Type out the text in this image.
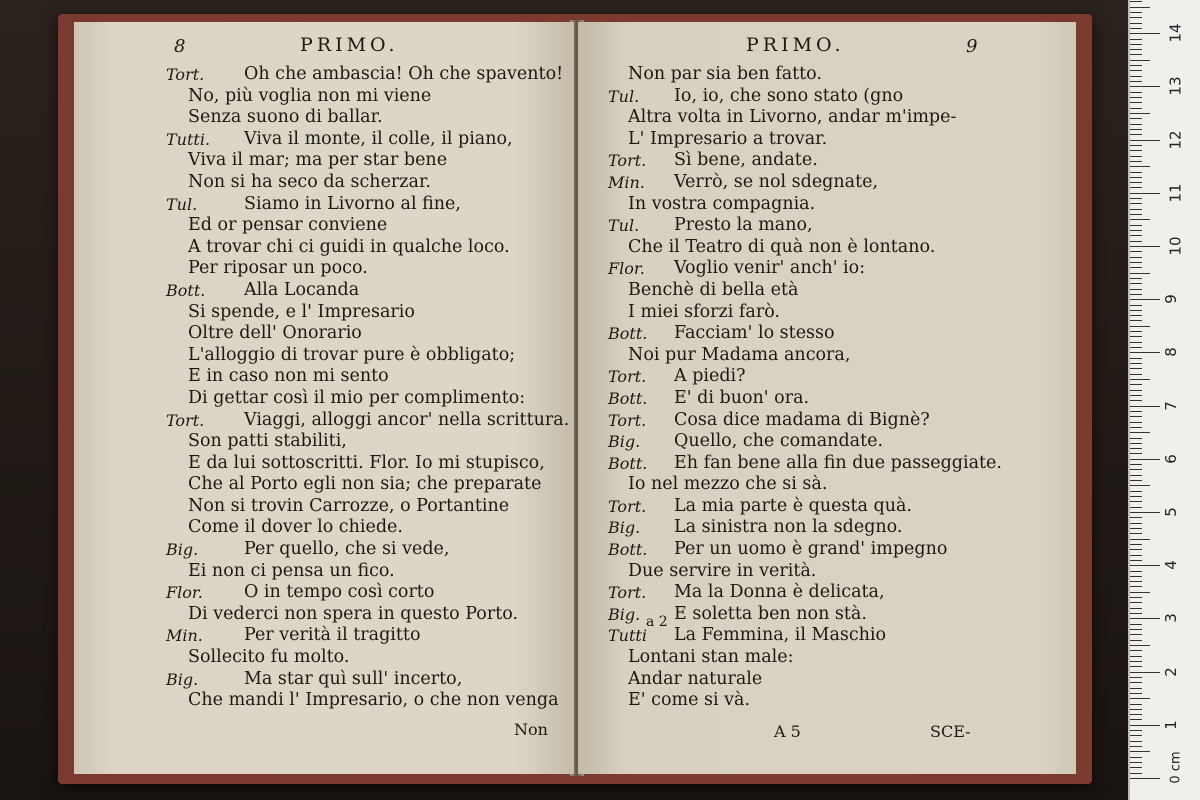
8	PRIMO.
Tort. Oh che ambascia! Oh che spavento!
No, più voglia non mi viene
Senza suono di ballar.
Tutti. Viva il monte, il colle, il piano,
Viva il mar; ma per star bene
Non si ha seco da scherzar.
Tul.	Siamo in Livorno al fine,
Ed or pensar conviene
A trovar chi ci guidi in qualche loco.
Per riposar un poco.
Bott. Alla Locanda
Si spende, e l' Impresario
Oltre dell' Onorario
L'alloggio di trovar pure è obbligato;
E in caso non mi sento
Di gettar così il mio per complimento:
Tort. Viaggi, alloggi ancor' nella scrittura.
Son patti stabiliti,
E da lui sottoscritti. Flor. Io mi stupisco,
Che al Porto egli non sia; che preparate
Non si trovin Carrozze, o Portantine
Come il dover lo chiede.
Big.	Per quello, che si vede,
Ei non ci pensa un fico.
Flor. O in tempo così corto
Di vederci non spera in questo Porto.
Min. Per verità il tragitto
Sollecito fu molto.
Big.	Ma star quì sull' incerto,
Che mandi l' Impresario, o che non venga
Non
PRIMO.	9
Non par sia ben fatto.
Tul. Io, io, che sono stato (gno
Altra volta in Livorno, andar m'impe-
L' Impresario a trovar.
Tort. Sì bene, andate.
Min. Verrò, se nol sdegnate,
In vostra compagnia.
Tul. Presto la mano,
Che il Teatro di quà non è lontano.
Flor. Voglio venir' anch' io:
Benchè di bella età
I miei sforzi farò.
Bott. Facciam' lo stesso
Noi pur Madama ancora,
Tort. A piedi?
Bott. E' di buon' ora.
Tort. Cosa dice madama di Bignè?
Big. Quello, che comandate.
Bott. Eh fan bene alla fin due passeggiate.
Io nel mezzo che si sà.
Tort. La mia parte è questa quà.
Big. La sinistra non la sdegno.
Bott. Per un uomo è grand' impegno
Due servire in verità.
Tort. Ma la Donna è delicata,
Big. E soletta ben non stà.
Tutti La Femmina, il Maschio
Lontani stan male:
Andar naturale
E' come si và.
a 2
A 5	SCE-
0 cm
1
2
3
4
5
6
7
8
9
10
11
12
13
14
